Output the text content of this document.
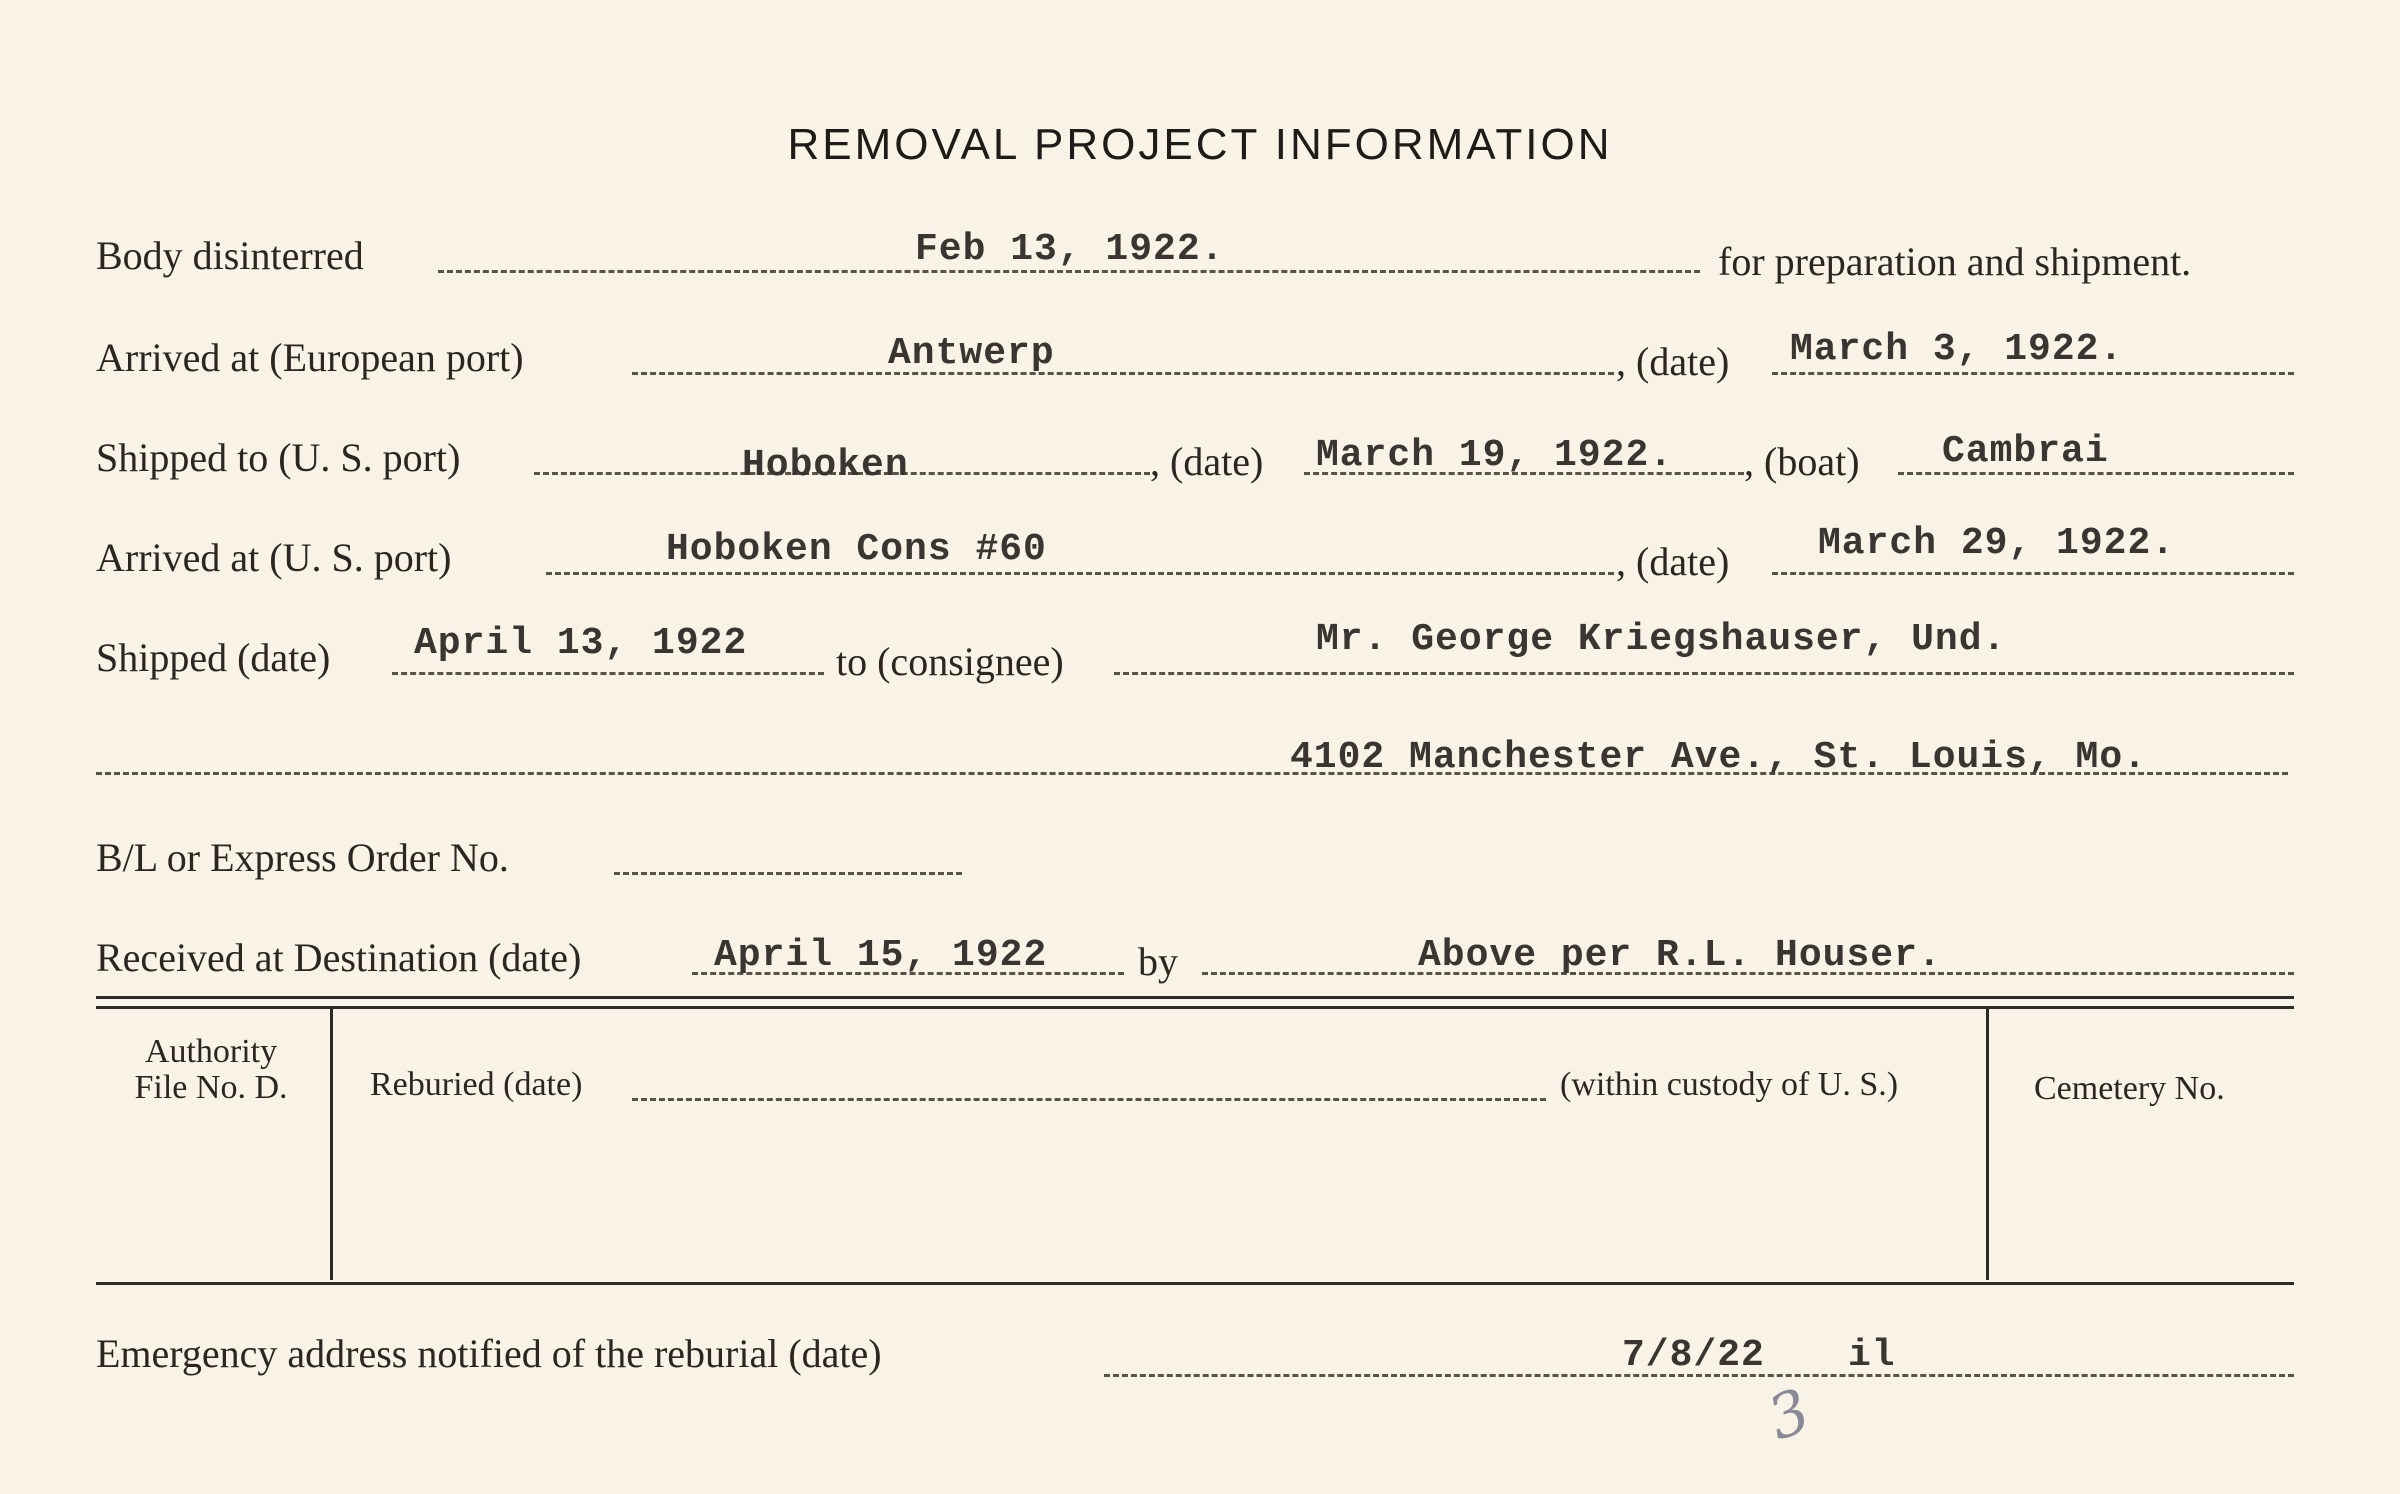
REMOVAL PROJECT INFORMATION
Body disinterred	Feb 13, 1922.	for preparation and shipment.
Arrived at (European port)	Antwerp	, (date) March 3, 1922.
Shipped to (U. S. port)	Hoboken	, (date) March 19, 1922. , (boat) Cambrai
Arrived at (U. S. port)	Hoboken Cons #60	, (date) March 29, 1922.
Shipped (date) April 13, 1922 to (consignee)	Mr. George Kriegshauser, Und.
4102 Manchester Ave., St. Louis, Mo.
B/L or Express Order No.
Received at Destination (date)	April 15, 1922 by	Above per R.L. Houser.
Authority
File No. D.	Reburied (date)	(within custody of U. S.)	Cemetery No.
Emergency address notified of the reburial (date)	7/8/22 il
3
